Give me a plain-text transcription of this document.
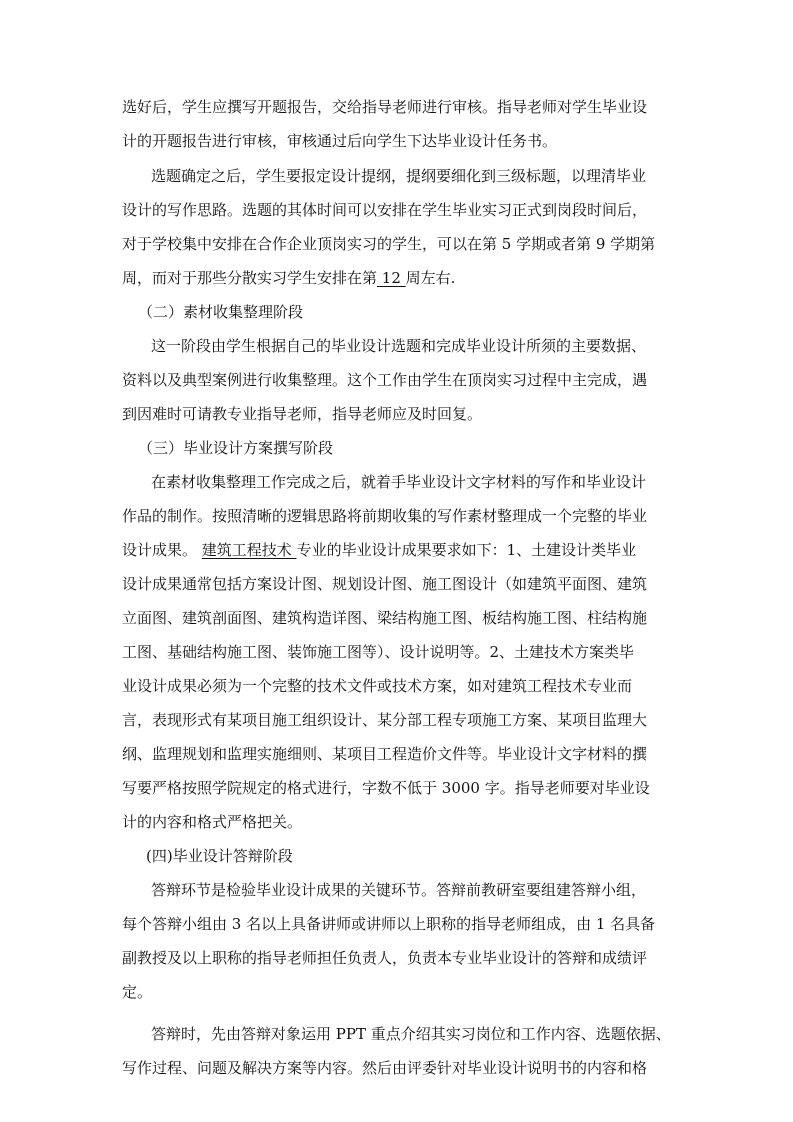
选好后，学生应撰写开题报告，交给指导老师进行审核。指导老师对学生毕业设
计的开题报告进行审核，审核通过后向学生下达毕业设计任务书。
选题确定之后，学生要报定设计提纲，提纲要细化到三级标题，以理清毕业
设计的写作思路。选题的其体时间可以安排在学生毕业实习正式到岗段时间后，
对于学校集中安排在合作企业顶岗实习的学生，可以在第 5 学期或者第 9 学期第
周，而对于那些分散实习学生安排在第 12 周左右.
（二）素材收集整理阶段
这一阶段由学生根据自己的毕业设计选题和完成毕业设计所须的主要数据、
资料以及典型案例进行收集整理。这个工作由学生在顶岗实习过程中主完成，遇
到因难时可请教专业指导老师，指导老师应及时回复。
（三）毕业设计方案撰写阶段
在素材收集整理工作完成之后，就着手毕业设计文字材料的写作和毕业设计
作品的制作。按照清晰的逻辑思路将前期收集的写作素材整理成一个完整的毕业
设计成果。 建筑工程技术 专业的毕业设计成果要求如下：1、土建设计类毕业
设计成果通常包括方案设计图、规划设计图、施工图设计（如建筑平面图、建筑
立面图、建筑剖面图、建筑构造详图、梁结构施工图、板结构施工图、柱结构施
工图、基础结构施工图、装饰施工图等）、设计说明等。2、土建技术方案类毕
业设计成果必须为一个完整的技术文件或技术方案，如对建筑工程技术专业而
言，表现形式有某项目施工组织设计、某分部工程专项施工方案、某项目监理大
纲、监理规划和监理实施细则、某项目工程造价文件等。毕业设计文字材料的撰
写要严格按照学院规定的格式进行，字数不低于 3000 字。指导老师要对毕业设
计的内容和格式严格把关。
(四)毕业设计答辩阶段
答辩环节是检验毕业设计成果的关键环节。答辩前教研室要组建答辩小组，
每个答辩小组由 3 名以上具备讲师或讲师以上职称的指导老师组成，由 1 名具备
副教授及以上职称的指导老师担任负责人，负责本专业毕业设计的答辩和成绩评
定。
答辩时，先由答辩对象运用 PPT 重点介绍其实习岗位和工作内容、选题依据、
写作过程、问题及解决方案等内容。然后由评委针对毕业设计说明书的内容和格
